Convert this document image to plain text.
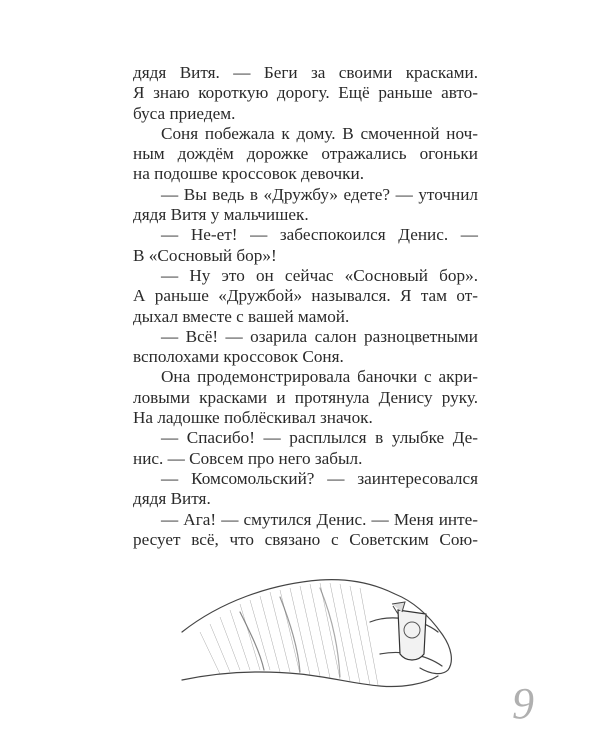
дядя Витя. — Беги за своими красками.
Я знаю короткую дорогу. Ещё раньше авто-
буса приедем.
Соня побежала к дому. В смоченной ноч-
ным дождём дорожке отражались огоньки
на подошве кроссовок девочки.
— Вы ведь в «Дружбу» едете? — уточнил
дядя Витя у мальчишек.
— Не-ет! — забеспокоился Денис. —
В «Сосновый бор»!
— Ну это он сейчас «Сосновый бор».
А раньше «Дружбой» назывался. Я там от-
дыхал вместе с вашей мамой.
— Всё! — озарила салон разноцветными
всполохами кроссовок Соня.
Она продемонстрировала баночки с акри-
ловыми красками и протянула Денису руку.
На ладошке поблёскивал значок.
— Спасибо! — расплылся в улыбке Де-
нис. — Совсем про него забыл.
— Комсомольский? — заинтересовался
дядя Витя.
— Ага! — смутился Денис. — Меня инте-
ресует всё, что связано с Советским Сою-
9
